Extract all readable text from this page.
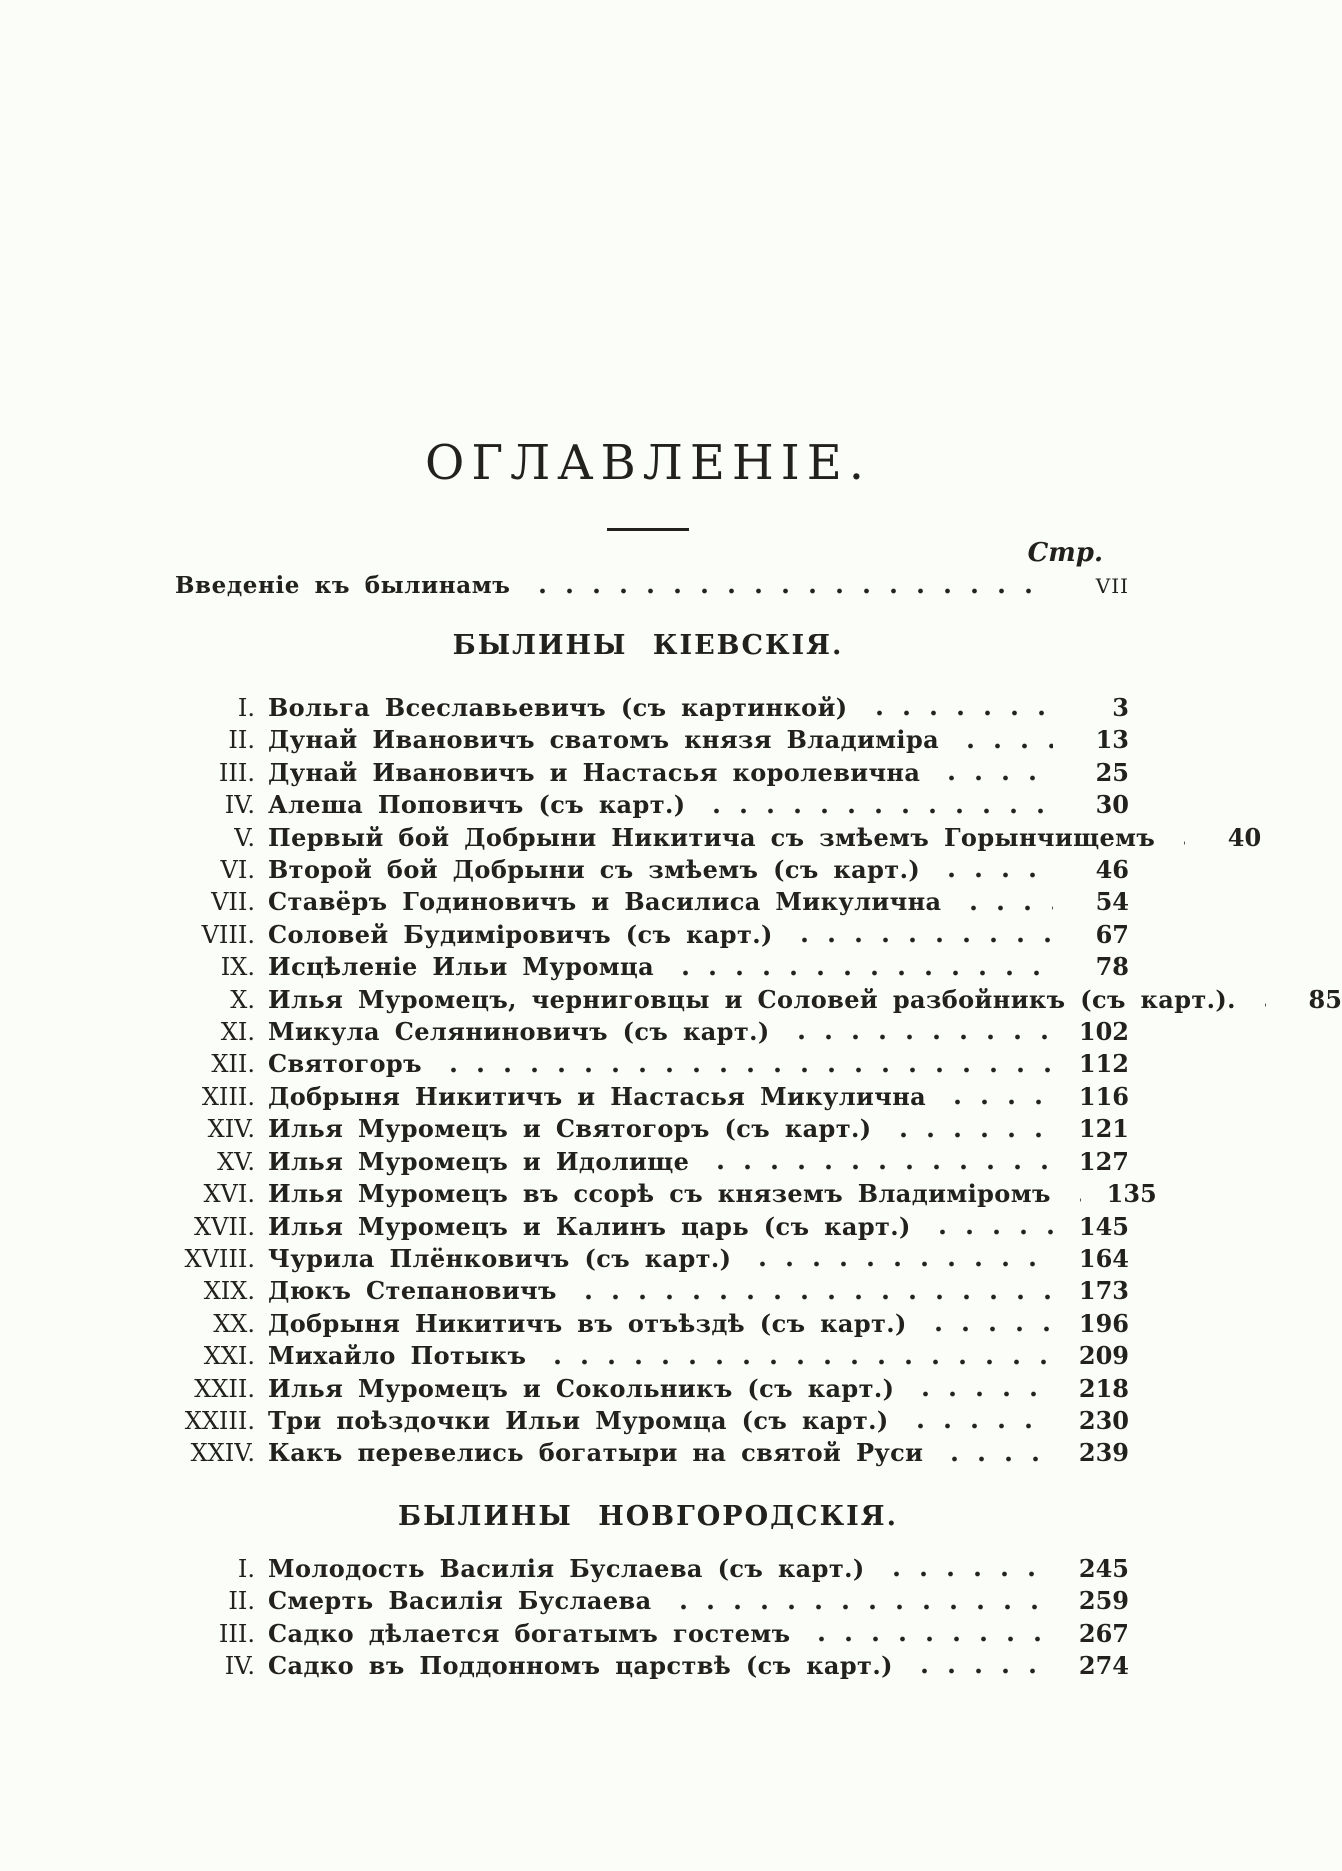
ОГЛАВЛЕНІЕ.
Стр.
Введеніе къ былинамъ	VII
БЫЛИНЫ КІЕВСКІЯ.
I. Вольга Всеславьевичъ (съ картинкой)	3
II. Дунай Ивановичъ сватомъ князя Владиміра	13
III. Дунай Ивановичъ и Настасья королевична	25
IV. Алеша Поповичъ (съ карт.)	30
V. Первый бой Добрыни Никитича съ змѣемъ Горынчищемъ	40
VI. Второй бой Добрыни съ змѣемъ (съ карт.)	46
VII. Ставёръ Годиновичъ и Василиса Микулична	54
VIII. Соловей Будиміровичъ (съ карт.)	67
IX. Исцѣленіе Ильи Муромца	78
X. Илья Муромецъ, черниговцы и Соловей разбойникъ (съ карт.).	85
XI. Микула Селяниновичъ (съ карт.)	102
XII. Святогоръ	112
XIII. Добрыня Никитичъ и Настасья Микулична	116
XIV. Илья Муромецъ и Святогоръ (съ карт.)	121
XV. Илья Муромецъ и Идолище	127
XVI. Илья Муромецъ въ ссорѣ съ княземъ Владиміромъ	135
XVII. Илья Муромецъ и Калинъ царь (съ карт.)	145
XVIII. Чурила Плёнковичъ (съ карт.)	164
XIX. Дюкъ Степановичъ	173
XX. Добрыня Никитичъ въ отъѣздѣ (съ карт.)	196
XXI. Михайло Потыкъ	209
XXII. Илья Муромецъ и Сокольникъ (съ карт.)	218
XXIII. Три поѣздочки Ильи Муромца (съ карт.)	230
XXIV. Какъ перевелись богатыри на святой Руси	239
БЫЛИНЫ НОВГОРОДСКІЯ.
I. Молодость Василія Буслаева (съ карт.)	245
II. Смерть Василія Буслаева	259
III. Садко дѣлается богатымъ гостемъ	267
IV. Садко въ Поддонномъ царствѣ (съ карт.)	274
